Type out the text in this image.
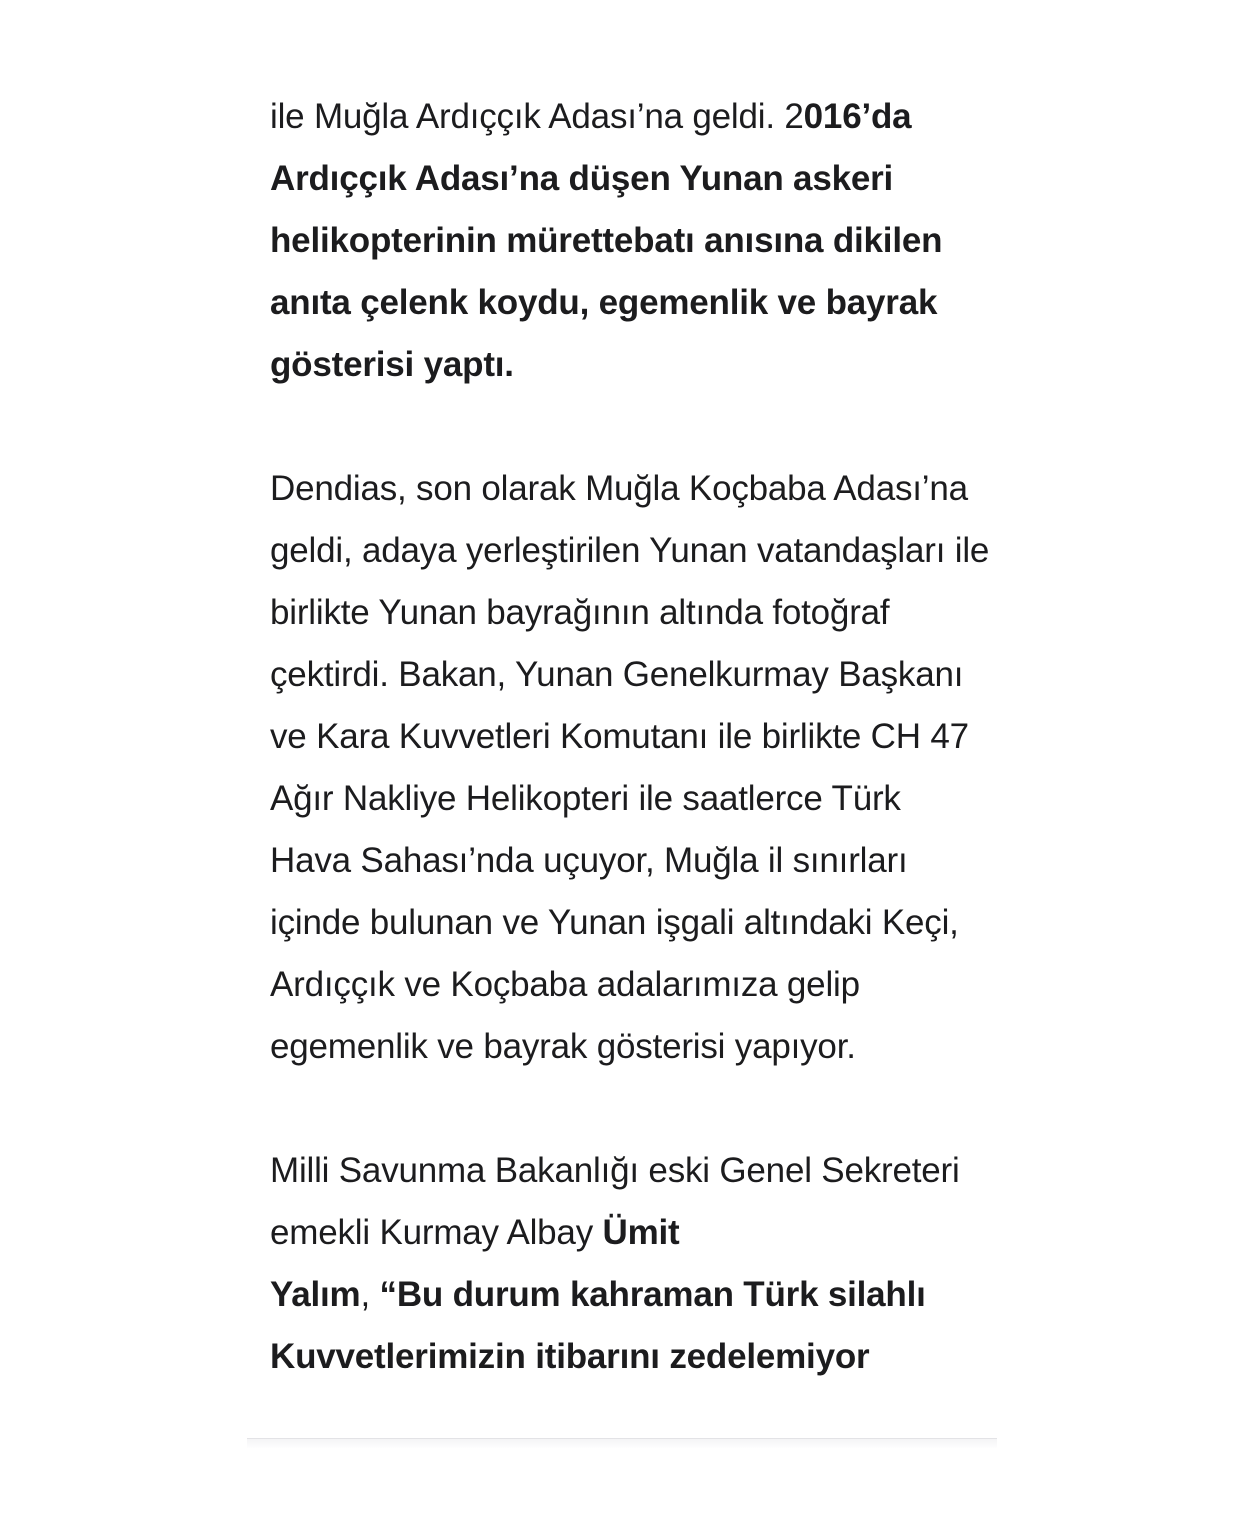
ile Muğla Ardıççık Adası’na geldi. 2016’da Ardıççık Adası’na düşen Yunan askeri helikopterinin mürettebatı anısına dikilen anıta çelenk koydu, egemenlik ve bayrak gösterisi yaptı.

Dendias, son olarak Muğla Koçbaba Adası’na geldi, adaya yerleştirilen Yunan vatandaşları ile birlikte Yunan bayrağının altında fotoğraf çektirdi. Bakan, Yunan Genelkurmay Başkanı ve Kara Kuvvetleri Komutanı ile birlikte CH 47 Ağır Nakliye Helikopteri ile saatlerce Türk Hava Sahası’nda uçuyor, Muğla il sınırları içinde bulunan ve Yunan işgali altındaki Keçi, Ardıççık ve Koçbaba adalarımıza gelip egemenlik ve bayrak gösterisi yapıyor.

Milli Savunma Bakanlığı eski Genel Sekreteri emekli Kurmay Albay Ümit
Yalım, “Bu durum kahraman Türk silahlı Kuvvetlerimizin itibarını zedelemiyor
